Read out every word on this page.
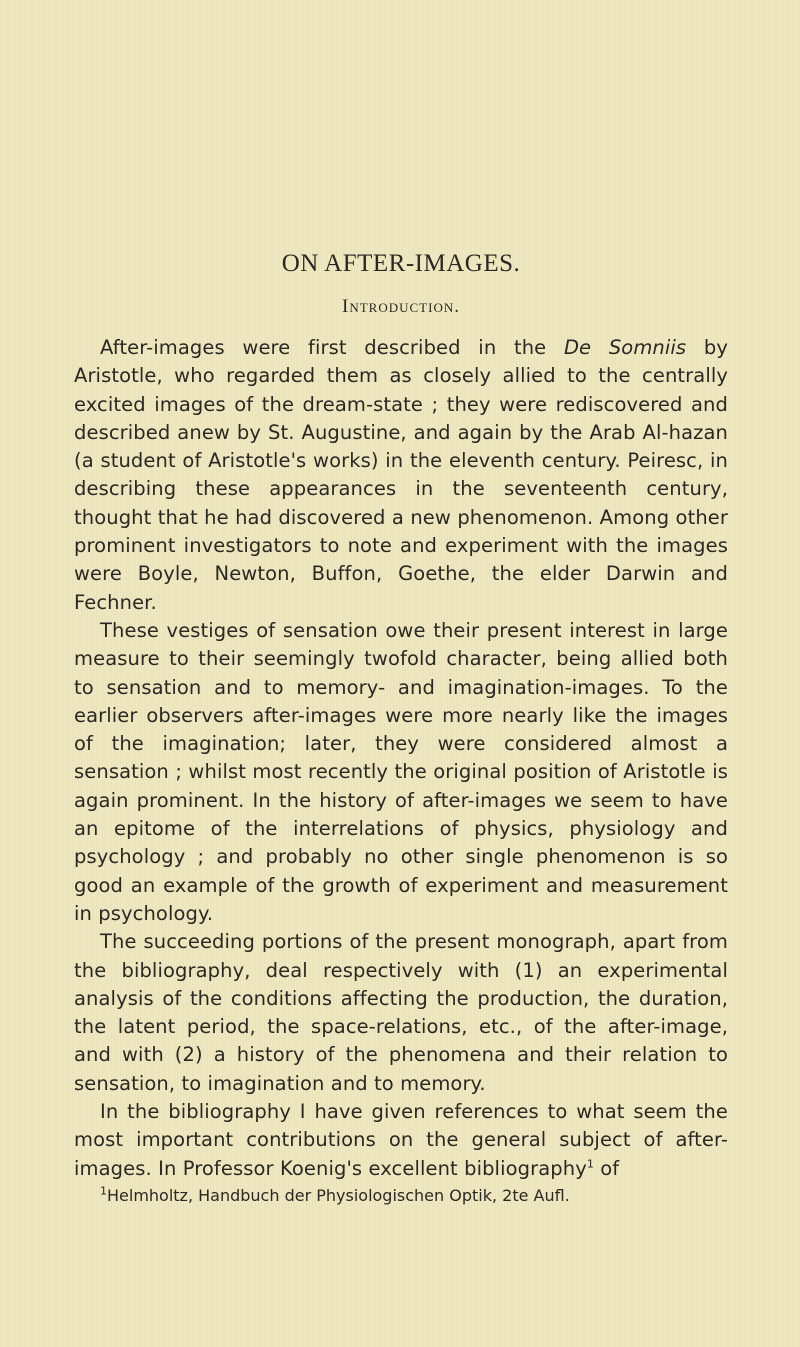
ON AFTER-IMAGES.
Introduction.

After-images were first described in the De Somniis by Aristotle, who regarded them as closely allied to the centrally excited images of the dream-state ; they were rediscovered and described anew by St. Augustine, and again by the Arab Al-hazan (a student of Aristotle's works) in the eleventh century. Peiresc, in describing these appearances in the seventeenth century, thought that he had discovered a new phenomenon. Among other prominent investigators to note and experiment with the images were Boyle, Newton, Buffon, Goethe, the elder Darwin and Fechner.

These vestiges of sensation owe their present interest in large measure to their seemingly twofold character, being allied both to sensation and to memory- and imagination-images. To the earlier observers after-images were more nearly like the images of the imagination; later, they were considered almost a sensation ; whilst most recently the original position of Aristotle is again prominent. In the history of after-images we seem to have an epitome of the interrelations of physics, physiology and psychology ; and probably no other single phenomenon is so good an example of the growth of experiment and measurement in psychology.

The succeeding portions of the present monograph, apart from the bibliography, deal respectively with (1) an experimental analysis of the conditions affecting the production, the duration, the latent period, the space-relations, etc., of the after-image, and with (2) a history of the phenomena and their relation to sensation, to imagination and to memory.

In the bibliography I have given references to what seem the most important contributions on the general subject of after-images. In Professor Koenig's excellent bibliography$^1$ of

$^1$Helmholtz, Handbuch der Physiologischen Optik, 2te Aufl.
